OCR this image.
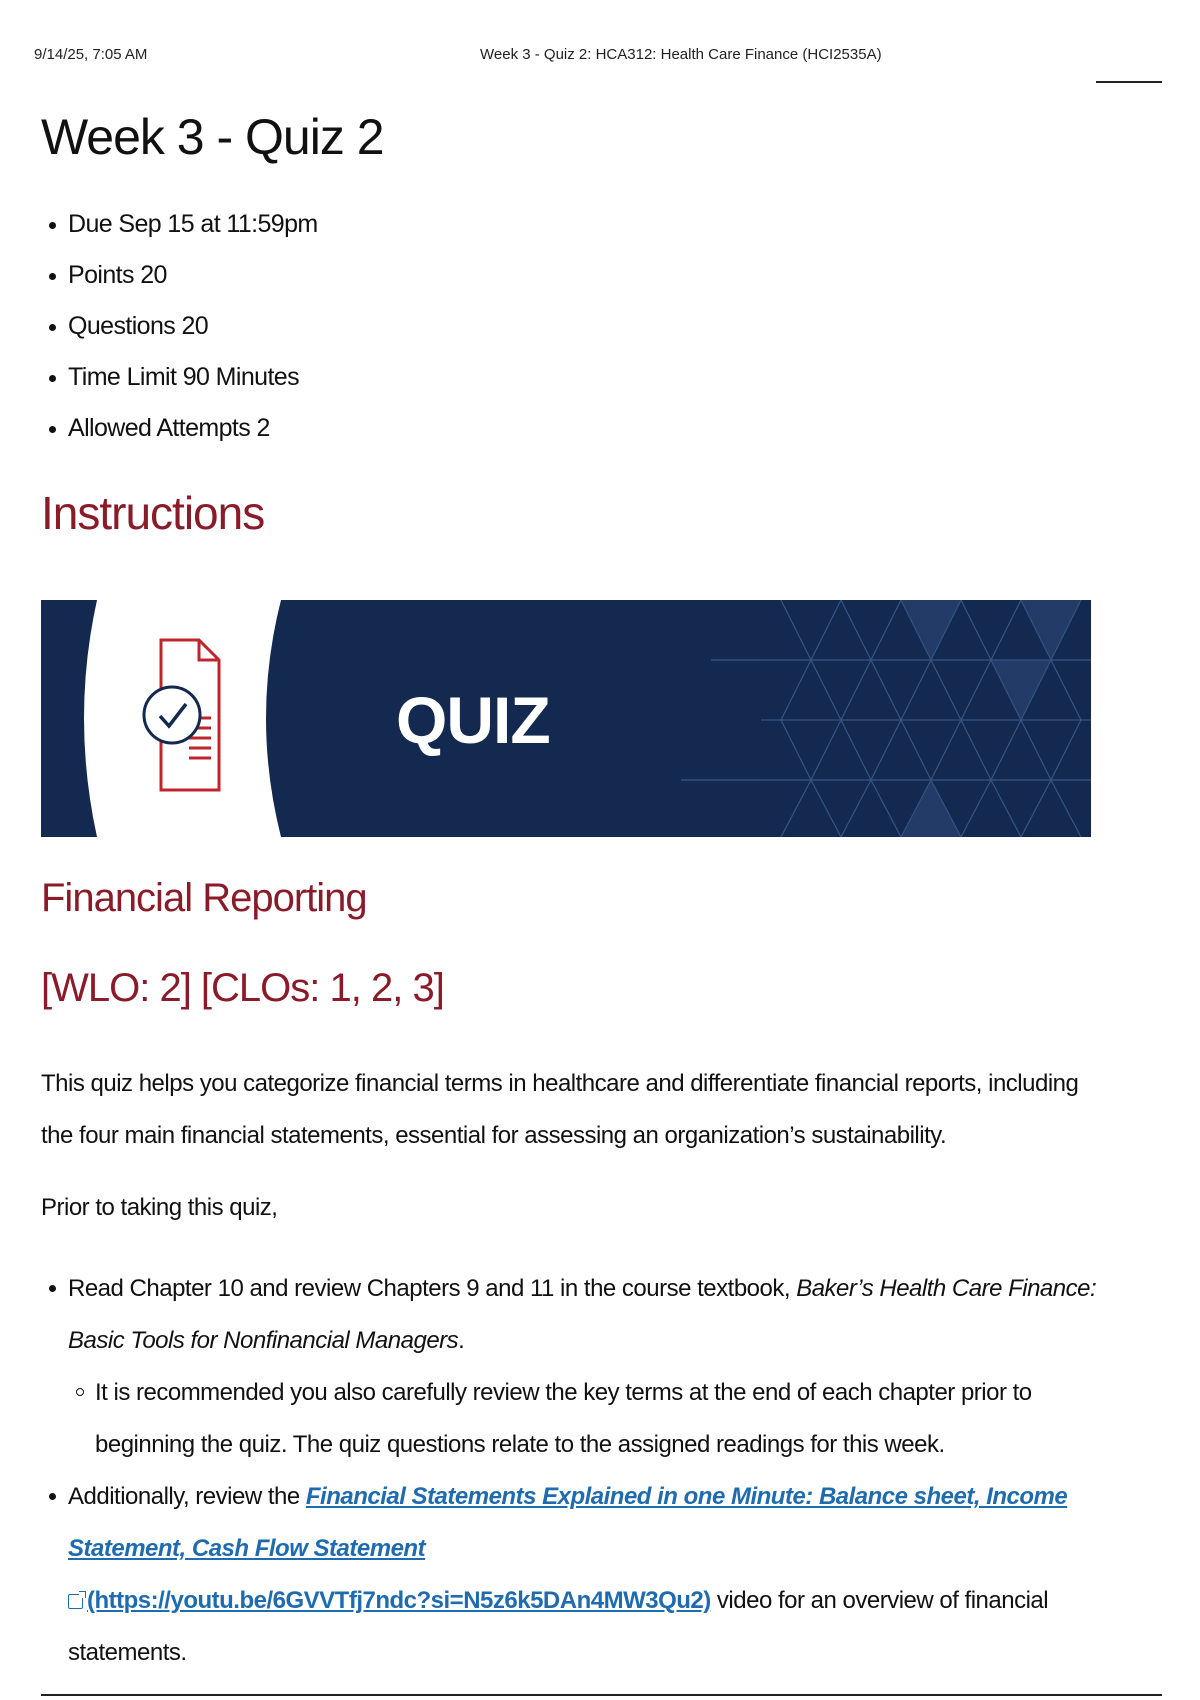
9/14/25, 7:05 AM	Week 3 - Quiz 2: HCA312: Health Care Finance (HCI2535A)
Week 3 - Quiz 2
Due Sep 15 at 11:59pm
Points 20
Questions 20
Time Limit 90 Minutes
Allowed Attempts 2
Instructions

QUIZ

Financial Reporting
[WLO: 2] [CLOs: 1, 2, 3]

This quiz helps you categorize financial terms in healthcare and differentiate financial reports, including the four main financial statements, essential for assessing an organization’s sustainability.

Prior to taking this quiz,

Read Chapter 10 and review Chapters 9 and 11 in the course textbook, Baker’s Health Care Finance: Basic Tools for Nonfinancial Managers.
It is recommended you also carefully review the key terms at the end of each chapter prior to beginning the quiz. The quiz questions relate to the assigned readings for this week.
Additionally, review the Financial Statements Explained in one Minute: Balance sheet, Income Statement, Cash Flow Statement
(https://youtu.be/6GVVTfj7ndc?si=N5z6k5DAn4MW3Qu2) video for an overview of financial statements.
